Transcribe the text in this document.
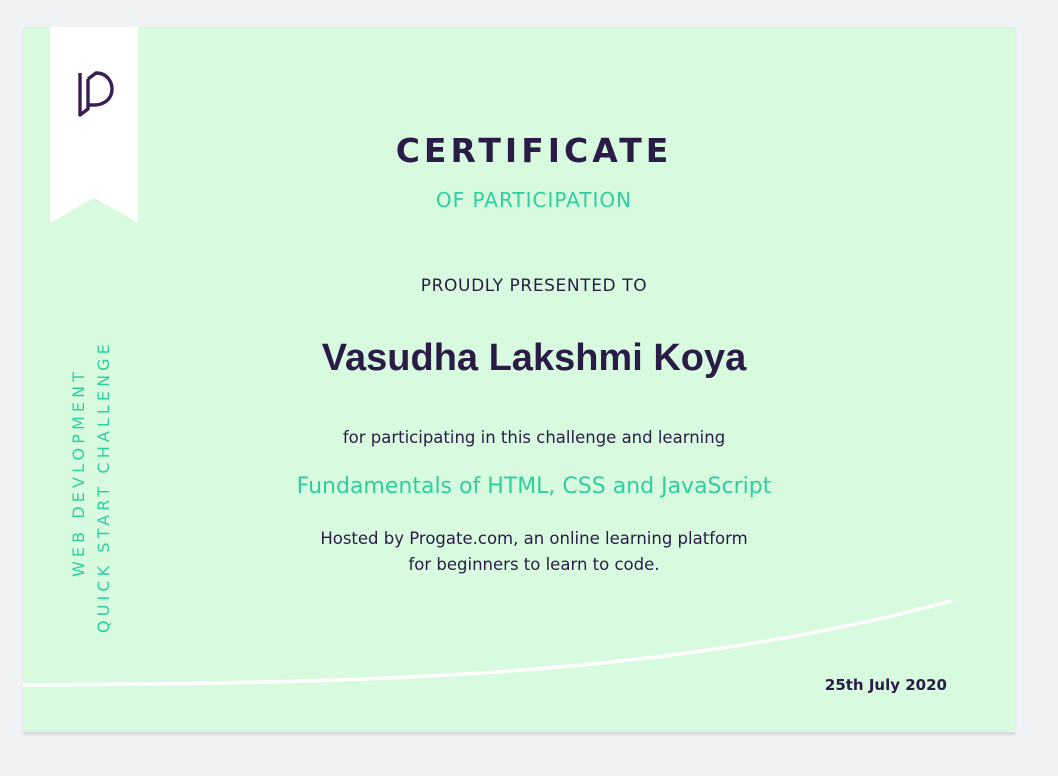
WEB DEVLOPMENT QUICK START CHALLENGE
CERTIFICATE
OF PARTICIPATION
PROUDLY PRESENTED TO
Vasudha Lakshmi Koya
for participating in this challenge and learning
Fundamentals of HTML, CSS and JavaScript
Hosted by Progate.com, an online learning platform
for beginners to learn to code.
25th July 2020
